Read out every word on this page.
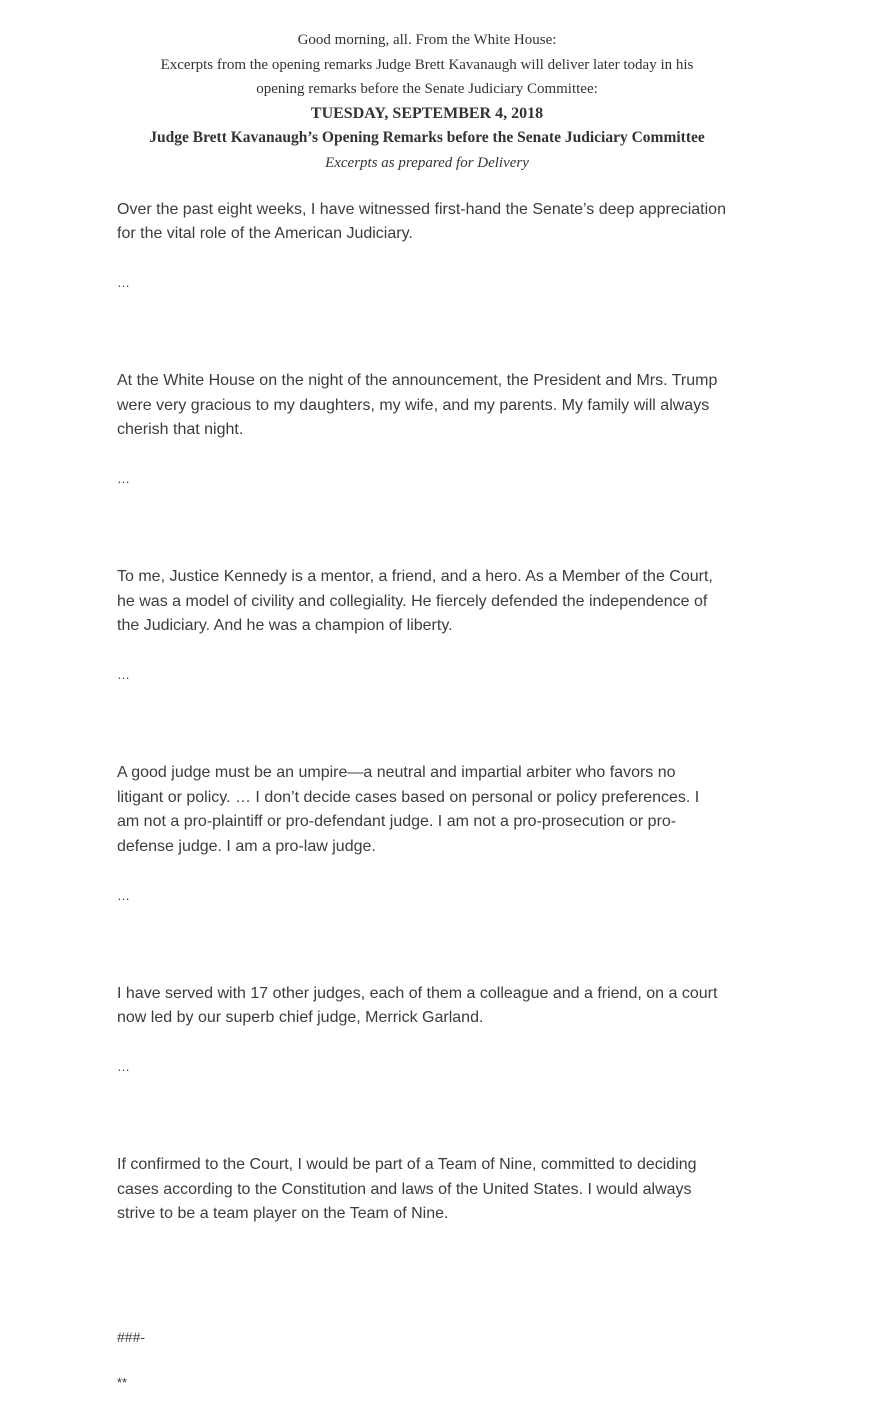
Good morning, all. From the White House:
Excerpts from the opening remarks Judge Brett Kavanaugh will deliver later today in his
opening remarks before the Senate Judiciary Committee:
TUESDAY, SEPTEMBER 4, 2018
Judge Brett Kavanaugh’s Opening Remarks before the Senate Judiciary Committee
Excerpts as prepared for Delivery

Over the past eight weeks, I have witnessed first-hand the Senate’s deep appreciation
for the vital role of the American Judiciary.

…

At the White House on the night of the announcement, the President and Mrs. Trump
were very gracious to my daughters, my wife, and my parents. My family will always
cherish that night.

…

To me, Justice Kennedy is a mentor, a friend, and a hero. As a Member of the Court,
he was a model of civility and collegiality. He fiercely defended the independence of
the Judiciary. And he was a champion of liberty.

…

A good judge must be an umpire—a neutral and impartial arbiter who favors no
litigant or policy. … I don’t decide cases based on personal or policy preferences. I
am not a pro-plaintiff or pro-defendant judge. I am not a pro-prosecution or pro-
defense judge. I am a pro-law judge.

…

I have served with 17 other judges, each of them a colleague and a friend, on a court
now led by our superb chief judge, Merrick Garland.

…

If confirmed to the Court, I would be part of a Team of Nine, committed to deciding
cases according to the Constitution and laws of the United States. I would always
strive to be a team player on the Team of Nine.

###-

**
